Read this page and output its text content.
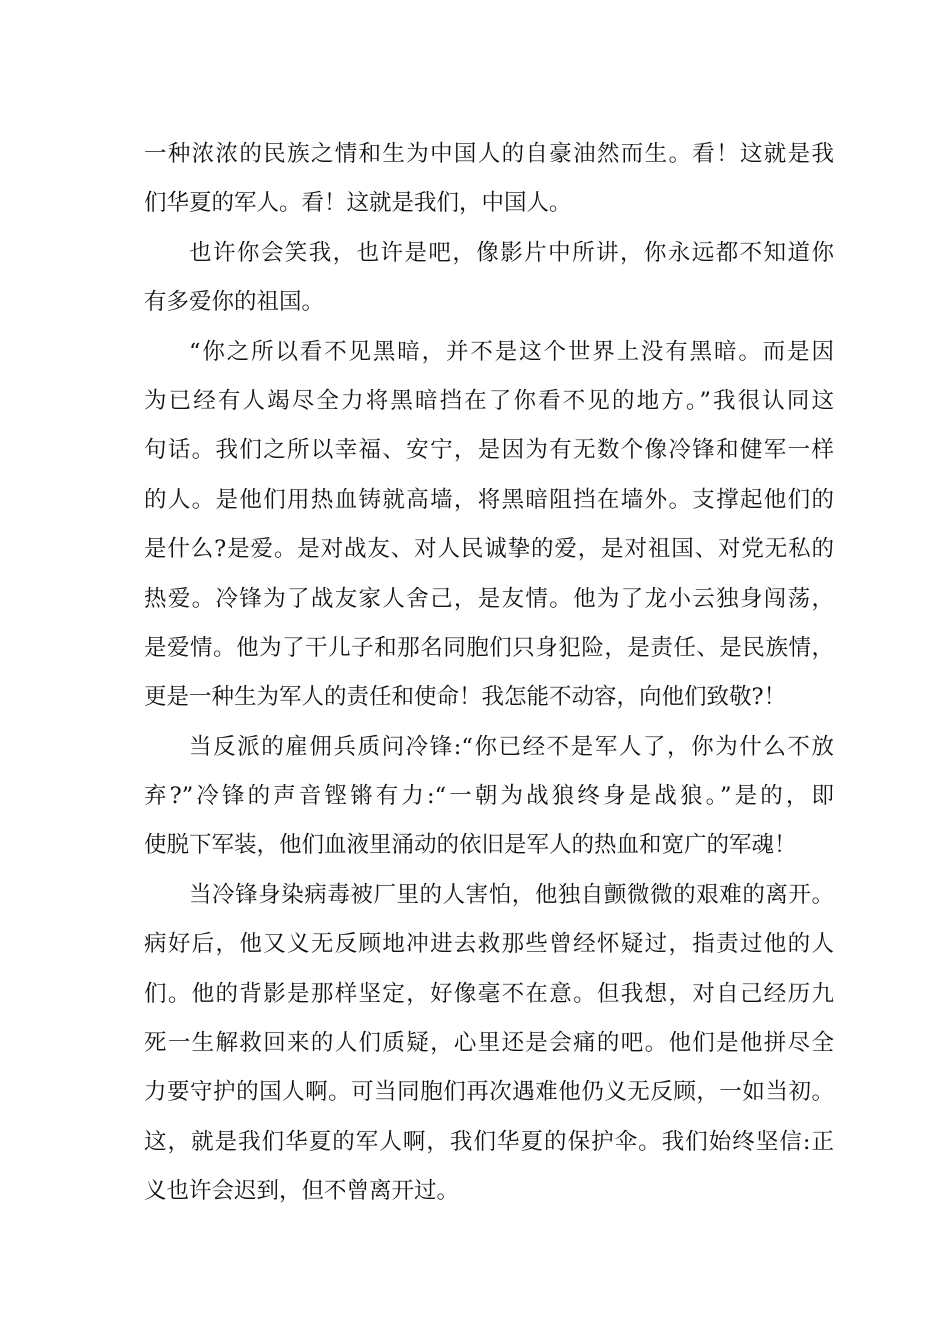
一种浓浓的民族之情和生为中国人的自豪油然而生。看！这就是我
们华夏的军人。看！这就是我们，中国人。
也许你会笑我，也许是吧，像影片中所讲，你永远都不知道你
有多爱你的祖国。
“你之所以看不见黑暗，并不是这个世界上没有黑暗。而是因
为已经有人竭尽全力将黑暗挡在了你看不见的地方。”我很认同这
句话。我们之所以幸福、安宁，是因为有无数个像冷锋和健军一样
的人。是他们用热血铸就高墙，将黑暗阻挡在墙外。支撑起他们的
是什么?是爱。是对战友、对人民诚挚的爱，是对祖国、对党无私的
热爱。冷锋为了战友家人舍己，是友情。他为了龙小云独身闯荡，
是爱情。他为了干儿子和那名同胞们只身犯险，是责任、是民族情，
更是一种生为军人的责任和使命！我怎能不动容，向他们致敬?！
当反派的雇佣兵质问冷锋:“你已经不是军人了，你为什么不放
弃?”冷锋的声音铿锵有力:“一朝为战狼终身是战狼。”是的，即
使脱下军装，他们血液里涌动的依旧是军人的热血和宽广的军魂！
当冷锋身染病毒被厂里的人害怕，他独自颤微微的艰难的离开。
病好后，他又义无反顾地冲进去救那些曾经怀疑过，指责过他的人
们。他的背影是那样坚定，好像毫不在意。但我想，对自己经历九
死一生解救回来的人们质疑，心里还是会痛的吧。他们是他拼尽全
力要守护的国人啊。可当同胞们再次遇难他仍义无反顾，一如当初。
这，就是我们华夏的军人啊，我们华夏的保护伞。我们始终坚信:正
义也许会迟到，但不曾离开过。
